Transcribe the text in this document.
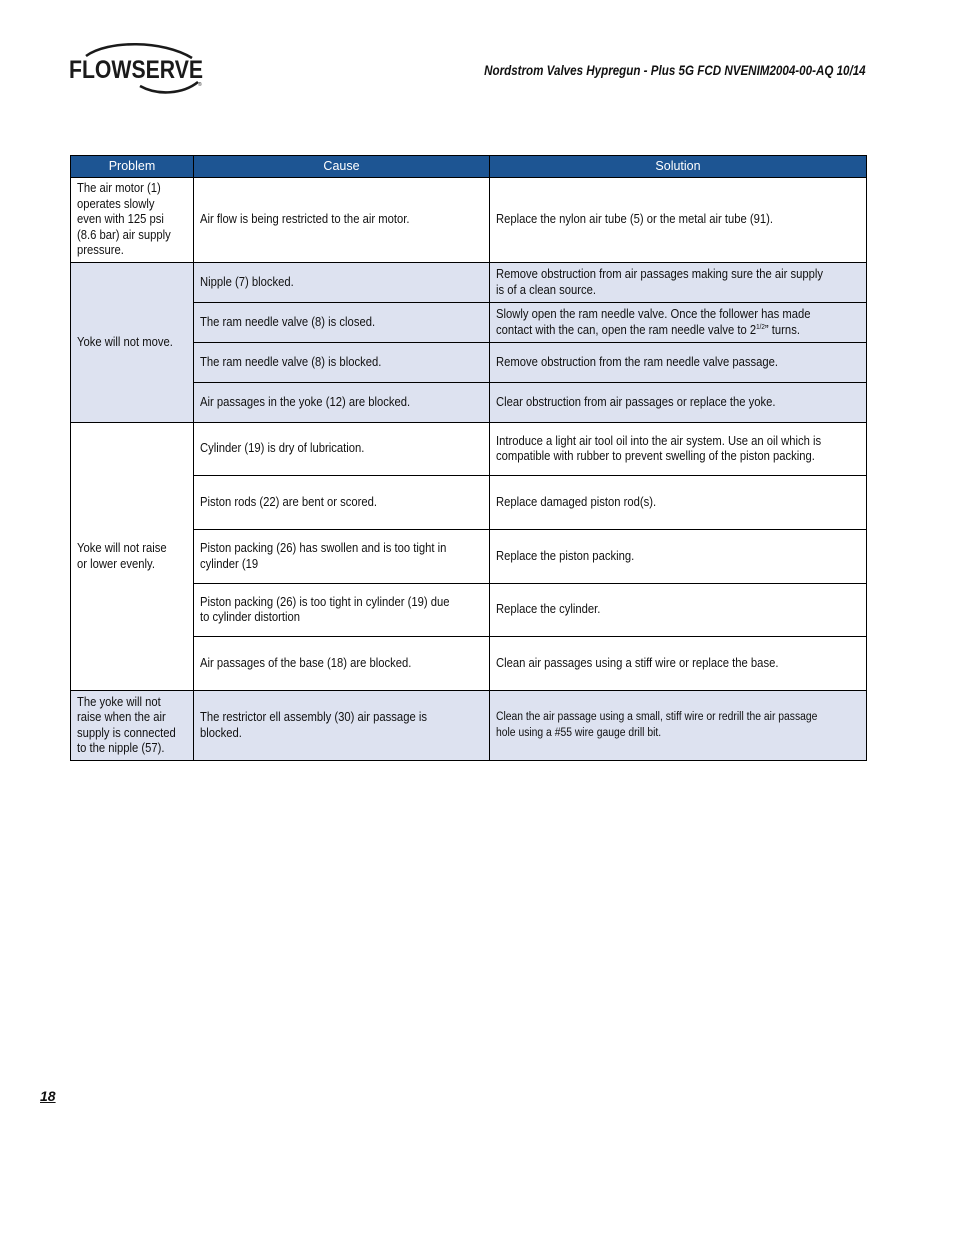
FLOWSERVE
®
Nordstrom Valves Hypregun - Plus 5G FCD NVENIM2004-00-AQ 10/14
Problem	Cause	Solution
The air motor (1) operates slowly even with 125 psi (8.6 bar) air supply pressure.	Air flow is being restricted to the air motor.	Replace the nylon air tube (5) or the metal air tube (91).
Yoke will not move.	Nipple (7) blocked.	Remove obstruction from air passages making sure the air supply is of a clean source.
	The ram needle valve (8) is closed.	Slowly open the ram needle valve. Once the follower has made contact with the can, open the ram needle valve to $2^{1/2}$” turns.
	The ram needle valve (8) is blocked.	Remove obstruction from the ram needle valve passage.
	Air passages in the yoke (12) are blocked.	Clear obstruction from air passages or replace the yoke.
Yoke will not raise or lower evenly.	Cylinder (19) is dry of lubrication.	Introduce a light air tool oil into the air system. Use an oil which is compatible with rubber to prevent swelling of the piston packing.
	Piston rods (22) are bent or scored.	Replace damaged piston rod(s).
	Piston packing (26) has swollen and is too tight in cylinder (19	Replace the piston packing.
	Piston packing (26) is too tight in cylinder (19) due to cylinder distortion	Replace the cylinder.
	Air passages of the base (18) are blocked.	Clean air passages using a stiff wire or replace the base.
The yoke will not raise when the air supply is connected to the nipple (57).	The restrictor ell assembly (30) air passage is blocked.	Clean the air passage using a small, stiff wire or redrill the air passage hole using a #55 wire gauge drill bit.
18
